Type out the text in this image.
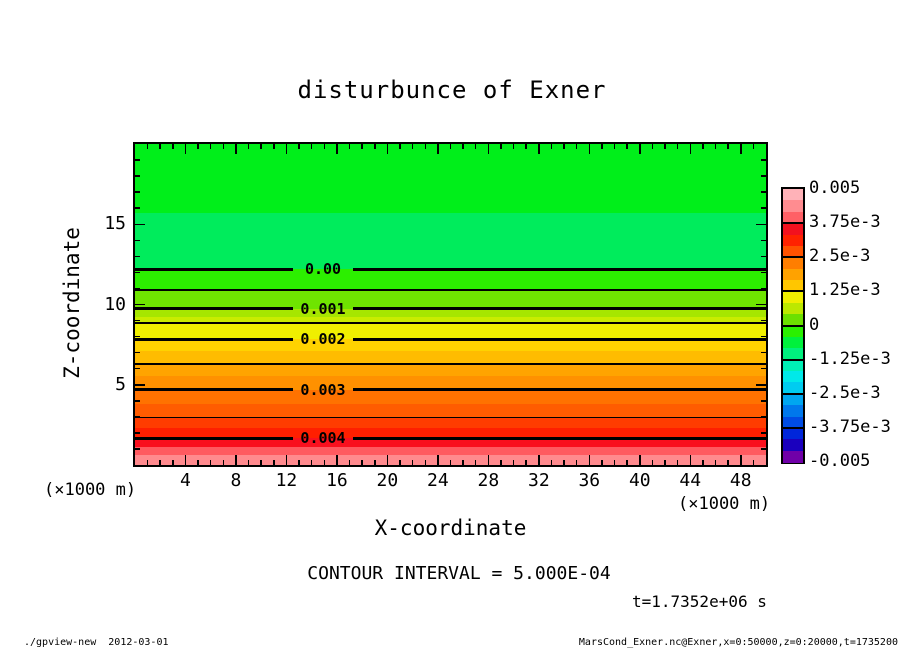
disturbunce of Exner
Z-coordinate
(×1000 m)
0.00
0.001
0.002
0.003
0.004
4	8	12	16	20	24	28	32	36	40	44	48
5
10
15
(×1000 m)
X-coordinate
0.005
3.75e-3
2.5e-3
1.25e-3
0
-1.25e-3
-2.5e-3
-3.75e-3
-0.005
CONTOUR INTERVAL = 5.000E-04
t=1.7352e+06 s
./gpview-new  2012-03-01	MarsCond_Exner.nc@Exner,x=0:50000,z=0:20000,t=1735200
